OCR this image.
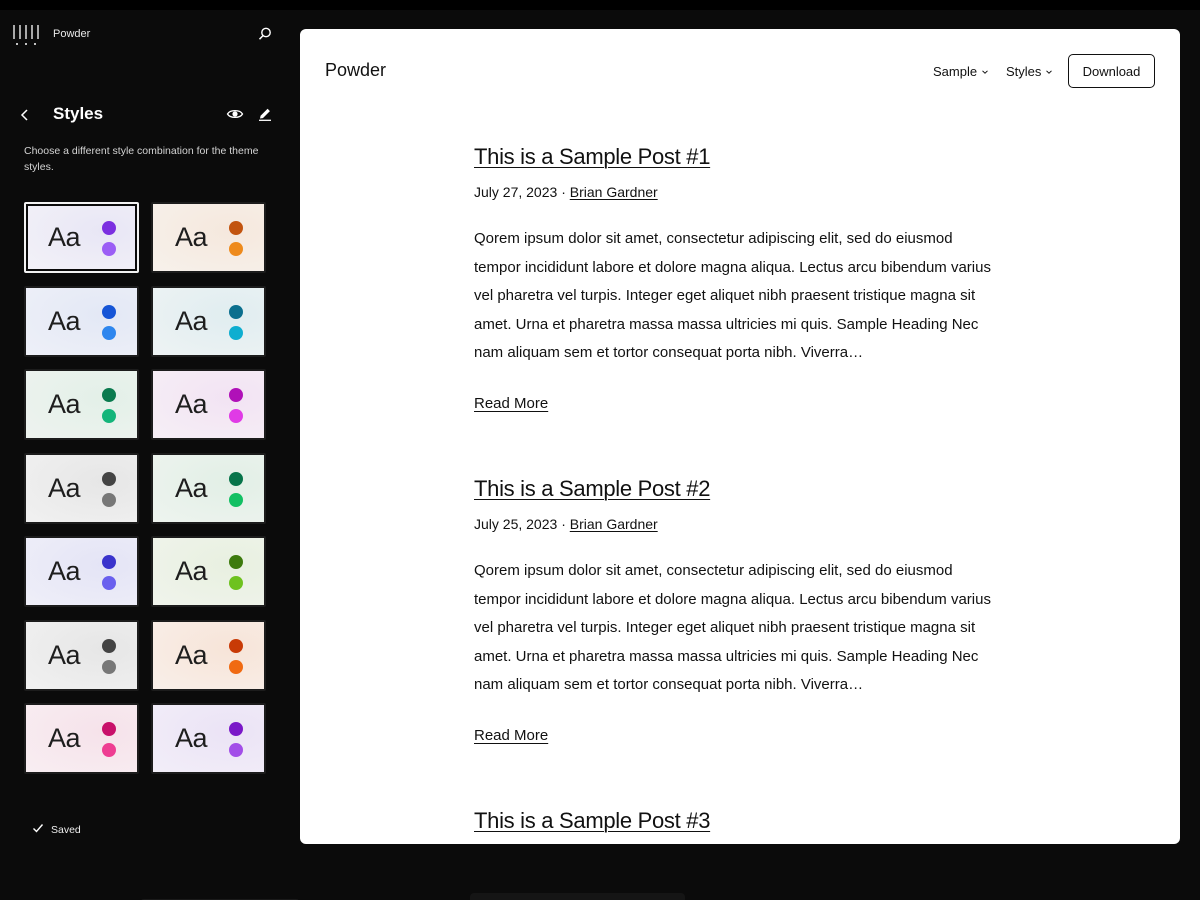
Powder
Styles

Choose a different style combination for the theme styles.

Aa	Aa
Aa	Aa
Aa	Aa
Aa	Aa
Aa	Aa
Aa	Aa
Aa	Aa
Saved
Powder	Sample Styles	Download
This is a Sample Post #1
July 27, 2023 · Brian Gardner

Qorem ipsum dolor sit amet, consectetur adipiscing elit, sed do eiusmod tempor incididunt labore et dolore magna aliqua. Lectus arcu bibendum varius vel pharetra vel turpis. Integer eget aliquet nibh praesent tristique magna sit amet. Urna et pharetra massa massa ultricies mi quis. Sample Heading Nec nam aliquam sem et tortor consequat porta nibh. Viverra…

Read More
This is a Sample Post #2
July 25, 2023 · Brian Gardner

Qorem ipsum dolor sit amet, consectetur adipiscing elit, sed do eiusmod tempor incididunt labore et dolore magna aliqua. Lectus arcu bibendum varius vel pharetra vel turpis. Integer eget aliquet nibh praesent tristique magna sit amet. Urna et pharetra massa massa ultricies mi quis. Sample Heading Nec nam aliquam sem et tortor consequat porta nibh. Viverra…

Read More
This is a Sample Post #3
